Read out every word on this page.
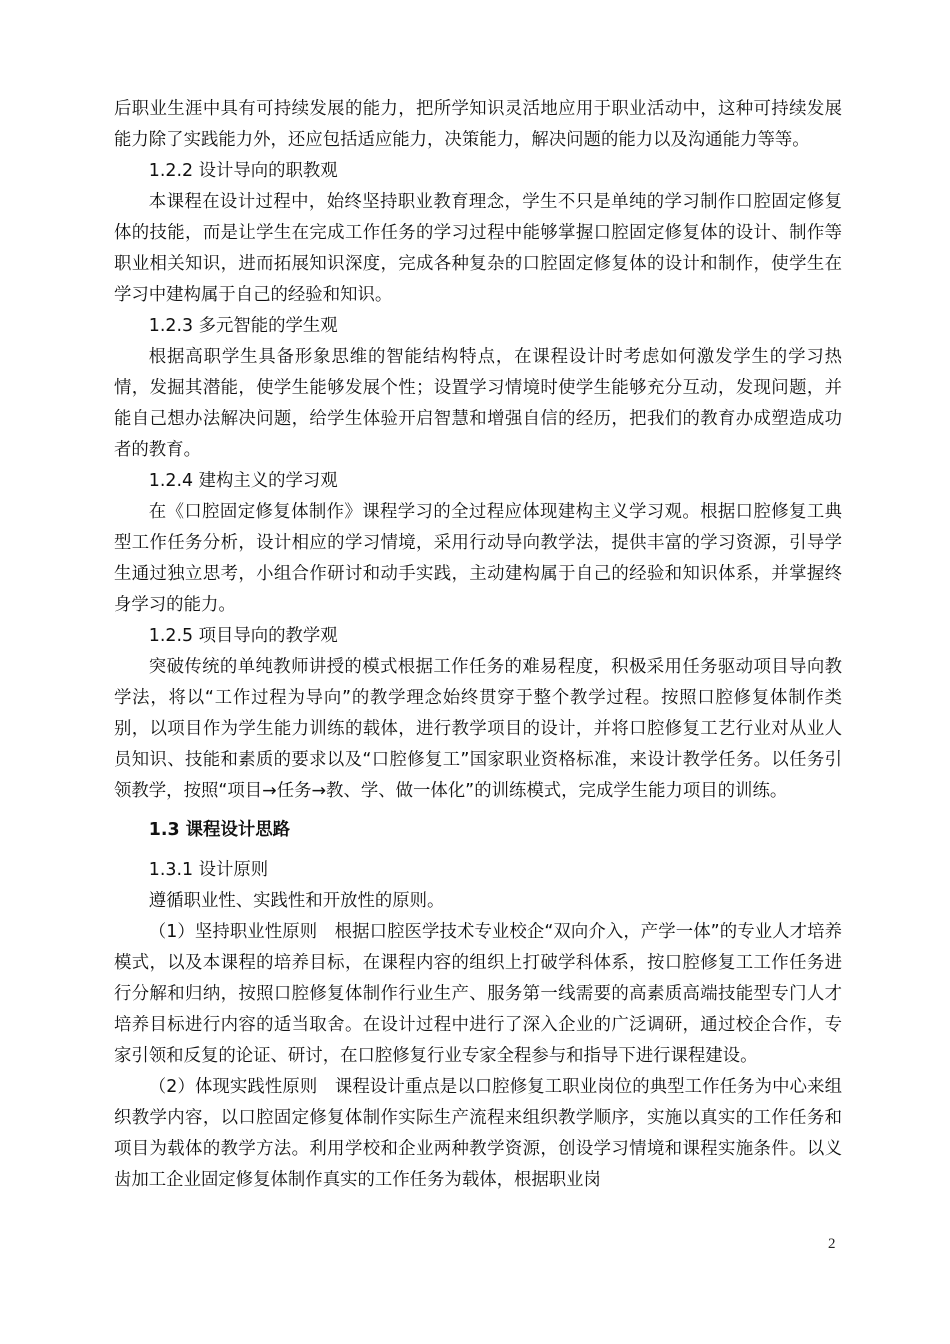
后职业生涯中具有可持续发展的能力，把所学知识灵活地应用于职业活动中，这种可持续发展能力除了实践能力外，还应包括适应能力，决策能力，解决问题的能力以及沟通能力等等。

1.2.2 设计导向的职教观

本课程在设计过程中，始终坚持职业教育理念，学生不只是单纯的学习制作口腔固定修复体的技能，而是让学生在完成工作任务的学习过程中能够掌握口腔固定修复体的设计、制作等职业相关知识，进而拓展知识深度，完成各种复杂的口腔固定修复体的设计和制作，使学生在学习中建构属于自己的经验和知识。

1.2.3 多元智能的学生观

根据高职学生具备形象思维的智能结构特点，在课程设计时考虑如何激发学生的学习热情，发掘其潜能，使学生能够发展个性；设置学习情境时使学生能够充分互动，发现问题，并能自己想办法解决问题，给学生体验开启智慧和增强自信的经历，把我们的教育办成塑造成功者的教育。

1.2.4 建构主义的学习观

在《口腔固定修复体制作》课程学习的全过程应体现建构主义学习观。根据口腔修复工典型工作任务分析，设计相应的学习情境，采用行动导向教学法，提供丰富的学习资源，引导学生通过独立思考，小组合作研讨和动手实践，主动建构属于自己的经验和知识体系，并掌握终身学习的能力。

1.2.5 项目导向的教学观

突破传统的单纯教师讲授的模式根据工作任务的难易程度，积极采用任务驱动项目导向教学法，将以“工作过程为导向”的教学理念始终贯穿于整个教学过程。按照口腔修复体制作类别，以项目作为学生能力训练的载体，进行教学项目的设计，并将口腔修复工艺行业对从业人员知识、技能和素质的要求以及“口腔修复工”国家职业资格标准，来设计教学任务。以任务引领教学，按照“项目→任务→教、学、做一体化”的训练模式，完成学生能力项目的训练。

1.3 课程设计思路

1.3.1 设计原则

遵循职业性、实践性和开放性的原则。

（1）坚持职业性原则　根据口腔医学技术专业校企“双向介入，产学一体”的专业人才培养模式，以及本课程的培养目标，在课程内容的组织上打破学科体系，按口腔修复工工作任务进行分解和归纳，按照口腔修复体制作行业生产、服务第一线需要的高素质高端技能型专门人才培养目标进行内容的适当取舍。在设计过程中进行了深入企业的广泛调研，通过校企合作，专家引领和反复的论证、研讨，在口腔修复行业专家全程参与和指导下进行课程建设。

（2）体现实践性原则　课程设计重点是以口腔修复工职业岗位的典型工作任务为中心来组织教学内容，以口腔固定修复体制作实际生产流程来组织教学顺序，实施以真实的工作任务和项目为载体的教学方法。利用学校和企业两种教学资源，创设学习情境和课程实施条件。以义齿加工企业固定修复体制作真实的工作任务为载体，根据职业岗

2
